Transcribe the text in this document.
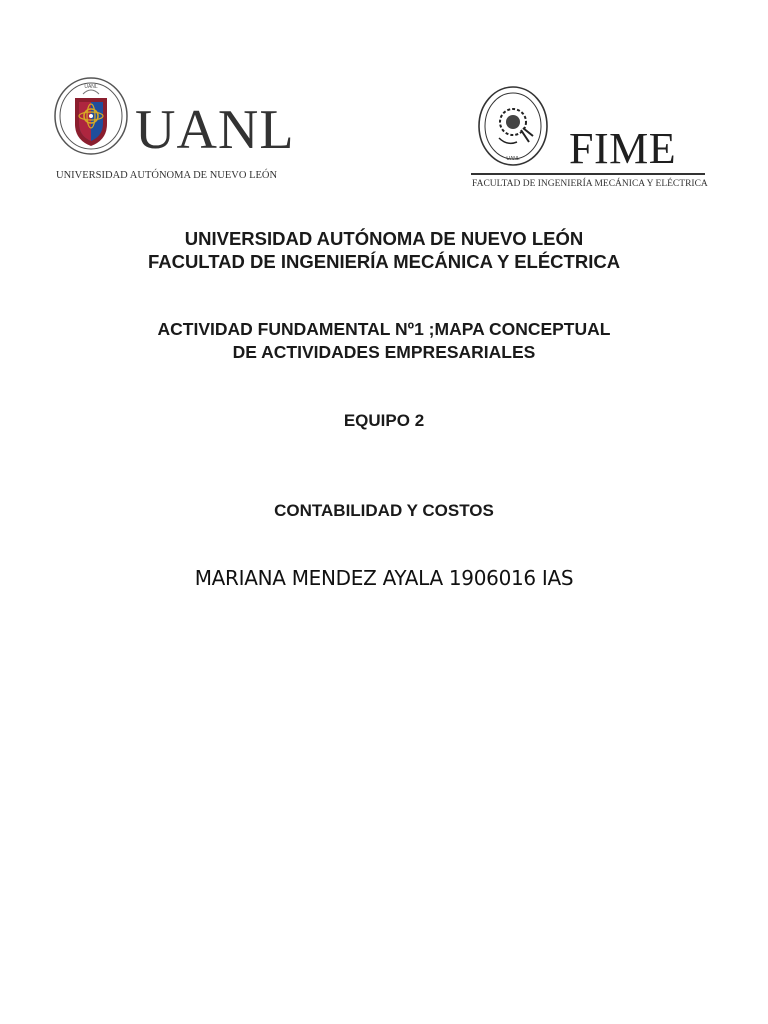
UANL
UANL
UNIVERSIDAD AUTÓNOMA DE NUEVO LEÓN
UANL FIME
FACULTAD DE INGENIERÍA MECÁNICA Y ELÉCTRICA
UNIVERSIDAD AUTÓNOMA DE NUEVO LEÓN
FACULTAD DE INGENIERÍA MECÁNICA Y ELÉCTRICA
ACTIVIDAD FUNDAMENTAL Nº1 ;MAPA CONCEPTUAL
DE ACTIVIDADES EMPRESARIALES
EQUIPO 2
CONTABILIDAD Y COSTOS
MARIANA MENDEZ AYALA 1906016 IAS
